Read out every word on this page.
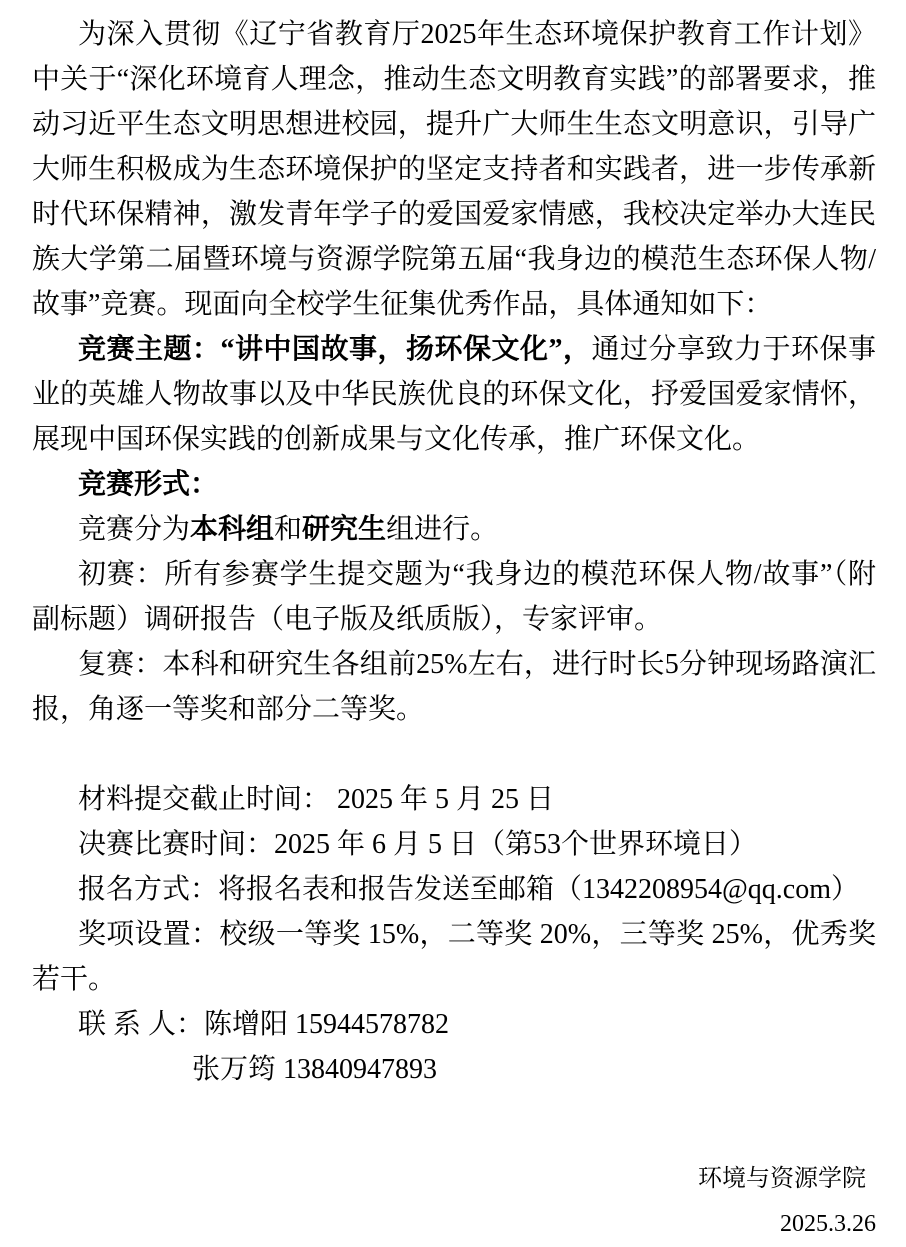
为深入贯彻《辽宁省教育厅2025年生态环境保护教育工作计划》中关于“深化环境育人理念，推动生态文明教育实践”的部署要求，推动习近平生态文明思想进校园，提升广大师生生态文明意识，引导广大师生积极成为生态环境保护的坚定支持者和实践者，进一步传承新时代环保精神，激发青年学子的爱国爱家情感，我校决定举办大连民族大学第二届暨环境与资源学院第五届“我身边的模范生态环保人物/故事”竞赛。现面向全校学生征集优秀作品，具体通知如下：

竞赛主题：“讲中国故事，扬环保文化”，通过分享致力于环保事业的英雄人物故事以及中华民族优良的环保文化，抒爱国爱家情怀，展现中国环保实践的创新成果与文化传承，推广环保文化。

竞赛形式：

竞赛分为本科组和研究生组进行。

初赛：所有参赛学生提交题为“我身边的模范环保人物/故事”（附副标题）调研报告（电子版及纸质版），专家评审。

复赛：本科和研究生各组前25%左右，进行时长5分钟现场路演汇报，角逐一等奖和部分二等奖。

材料提交截止时间： 2025 年 5 月 25 日

决赛比赛时间：2025 年 6 月 5 日（第53个世界环境日）

报名方式：将报名表和报告发送至邮箱（1342208954@qq.com）

奖项设置：校级一等奖 15%，二等奖 20%，三等奖 25%，优秀奖若干。

联 系 人：陈增阳 15944578782

张万筠 13840947893

环境与资源学院

2025.3.26
